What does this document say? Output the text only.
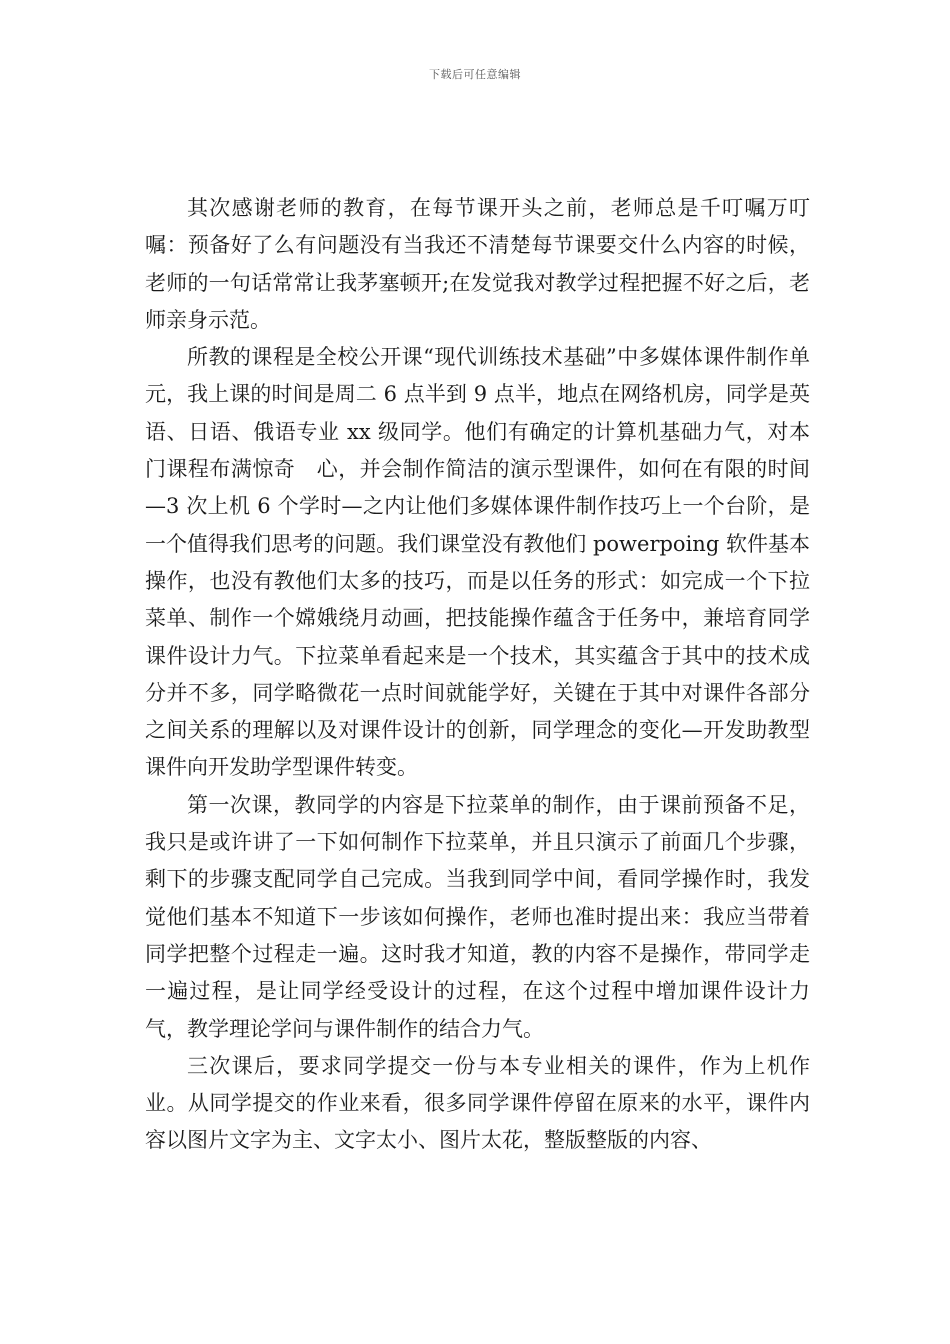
下载后可任意编辑

其次感谢老师的教育，在每节课开头之前，老师总是千叮嘱万叮嘱：预备好了么有问题没有当我还不清楚每节课要交什么内容的时候，老师的一句话常常让我茅塞顿开;在发觉我对教学过程把握不好之后，老师亲身示范。

所教的课程是全校公开课“现代训练技术基础”中多媒体课件制作单元，我上课的时间是周二 6 点半到 9 点半，地点在网络机房，同学是英语、日语、俄语专业 xx 级同学。他们有确定的计算机基础力气，对本门课程布满惊奇　心，并会制作简洁的演示型课件，如何在有限的时间—3 次上机 6 个学时—之内让他们多媒体课件制作技巧上一个台阶，是一个值得我们思考的问题。我们课堂没有教他们 powerpoing 软件基本操作，也没有教他们太多的技巧，而是以任务的形式：如完成一个下拉菜单、制作一个嫦娥绕月动画，把技能操作蕴含于任务中，兼培育同学课件设计力气。下拉菜单看起来是一个技术，其实蕴含于其中的技术成分并不多，同学略微花一点时间就能学好，关键在于其中对课件各部分之间关系的理解以及对课件设计的创新，同学理念的变化—开发助教型课件向开发助学型课件转变。

第一次课，教同学的内容是下拉菜单的制作，由于课前预备不足，我只是或许讲了一下如何制作下拉菜单，并且只演示了前面几个步骤，剩下的步骤支配同学自己完成。当我到同学中间，看同学操作时，我发觉他们基本不知道下一步该如何操作，老师也准时提出来：我应当带着同学把整个过程走一遍。这时我才知道，教的内容不是操作，带同学走一遍过程，是让同学经受设计的过程，在这个过程中增加课件设计力气，教学理论学问与课件制作的结合力气。

三次课后，要求同学提交一份与本专业相关的课件，作为上机作业。从同学提交的作业来看，很多同学课件停留在原来的水平，课件内容以图片文字为主、文字太小、图片太花，整版整版的内容、
